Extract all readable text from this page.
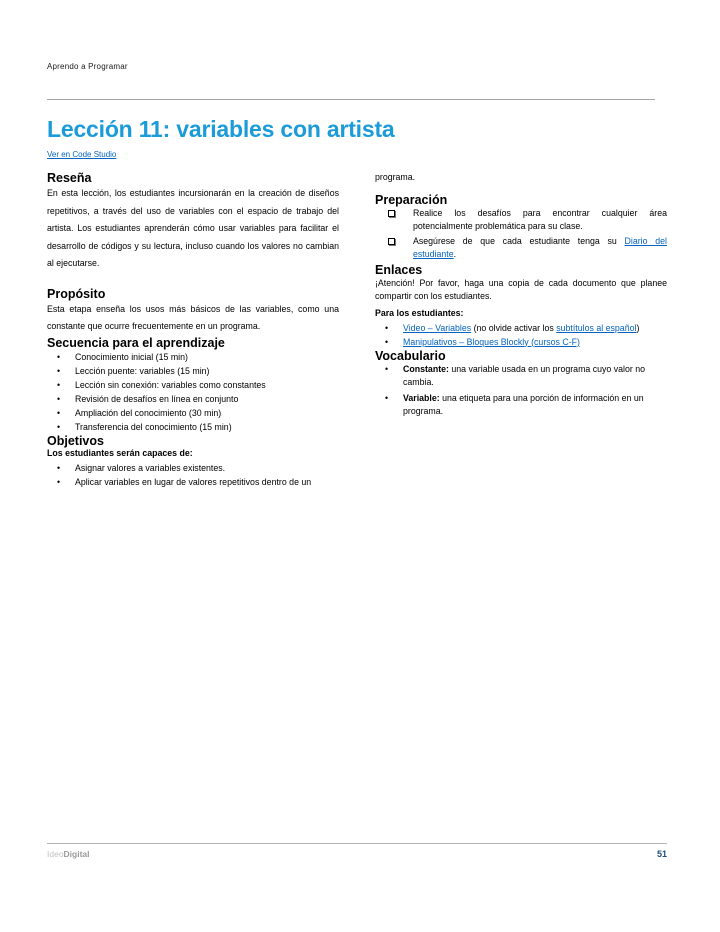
Aprendo a Programar
Lección 11: variables con artista
Ver en Code Studio
Reseña

En esta lección, los estudiantes incursionarán en la creación de diseños repetitivos, a través del uso de variables con el espacio de trabajo del artista. Los estudiantes aprenderán cómo usar variables para facilitar el desarrollo de códigos y su lectura, incluso cuando los valores no cambian al ejecutarse.

Propósito

Esta etapa enseña los usos más básicos de las variables, como una constante que ocurre frecuentemente en un programa.

Secuencia para el aprendizaje
• Conocimiento inicial (15 min)
• Lección puente: variables (15 min)
• Lección sin conexión: variables como constantes
• Revisión de desafíos en línea en conjunto
• Ampliación del conocimiento (30 min)
• Transferencia del conocimiento (15 min)
Objetivos

Los estudiantes serán capaces de:

• Asignar valores a variables existentes.
• Aplicar variables en lugar de valores repetitivos dentro de un

programa.

Preparación
Realice los desafíos para encontrar cualquier área potencialmente problemática para su clase.
Asegúrese de que cada estudiante tenga su Diario del estudiante.
Enlaces

¡Atención! Por favor, haga una copia de cada documento que planee compartir con los estudiantes.

Para los estudiantes:

• Video – Variables (no olvide activar los subtítulos al español)
• Manipulativos – Bloques Blockly (cursos C-F)
Vocabulario
• Constante: una variable usada en un programa cuyo valor no cambia.
• Variable: una etiqueta para una porción de información en un programa.
IdeoDigital	51
